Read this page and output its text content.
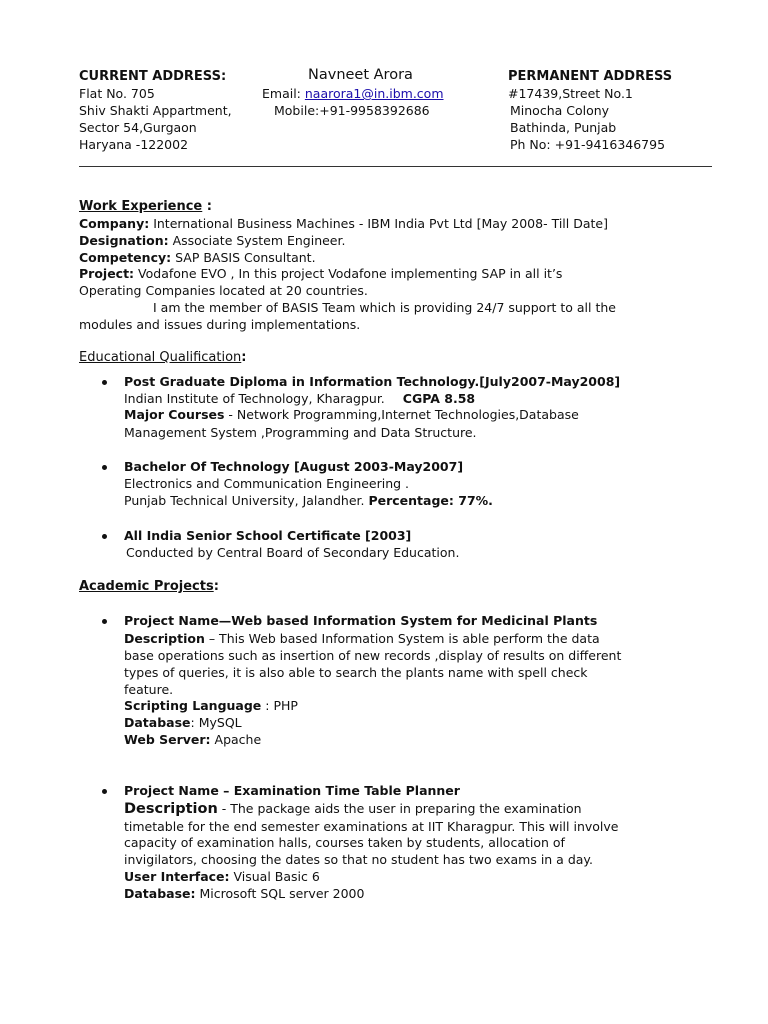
CURRENT ADDRESS:
Flat No. 705
Shiv Shakti Appartment,
Sector 54,Gurgaon
Haryana -122002
Navneet Arora
Email: naarora1@in.ibm.com
Mobile:+91-9958392686
PERMANENT ADDRESS
#17439,Street No.1
Minocha Colony
Bathinda, Punjab
Ph No: +91-9416346795
Work Experience :
Company: International Business Machines - IBM India Pvt Ltd [May 2008- Till Date]
Designation: Associate System Engineer.
Competency: SAP BASIS Consultant.
Project: Vodafone EVO , In this project Vodafone implementing SAP in all it’s
Operating Companies located at 20 countries.
I am the member of BASIS Team which is providing 24/7 support to all the
modules and issues during implementations.
Educational Qualification:
Post Graduate Diploma in Information Technology.[July2007-May2008]
Indian Institute of Technology, Kharagpur. CGPA 8.58
Major Courses - Network Programming,Internet Technologies,Database
Management System ,Programming and Data Structure.
Bachelor Of Technology [August 2003-May2007]
Electronics and Communication Engineering .
Punjab Technical University, Jalandher. Percentage: 77%.
All India Senior School Certificate [2003]
Conducted by Central Board of Secondary Education.
Academic Projects:
Project Name—Web based Information System for Medicinal Plants
Description – This Web based Information System is able perform the data
base operations such as insertion of new records ,display of results on different
types of queries, it is also able to search the plants name with spell check
feature.
Scripting Language : PHP
Database: MySQL
Web Server: Apache
Project Name – Examination Time Table Planner
Description - The package aids the user in preparing the examination
timetable for the end semester examinations at IIT Kharagpur. This will involve
capacity of examination halls, courses taken by students, allocation of
invigilators, choosing the dates so that no student has two exams in a day.
User Interface: Visual Basic 6
Database: Microsoft SQL server 2000
